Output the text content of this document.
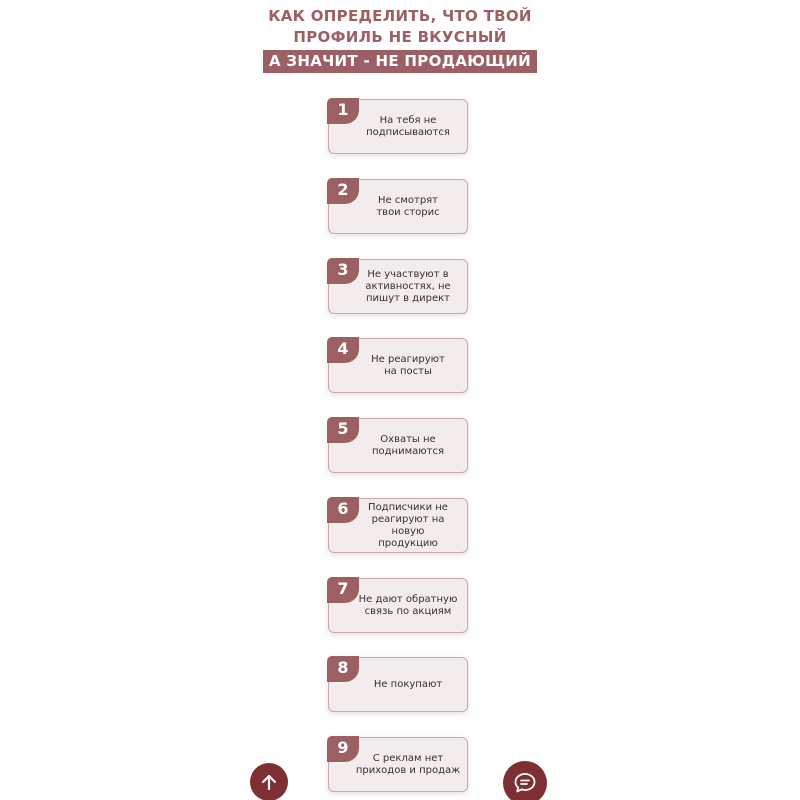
КАК ОПРЕДЕЛИТЬ, ЧТО ТВОЙ
ПРОФИЛЬ НЕ ВКУСНЫЙ
А ЗНАЧИТ - НЕ ПРОДАЮЩИЙ
1
На тебя не
подписываются
2
Не смотрят
твои сторис
3	Не участвуют в
активностях, не
пишут в директ
4
Не реагируют
на посты
5
Охваты не
поднимаются
6	Подписчики не
реагируют на новую
продукцию
7
Не дают обратную
связь по акциям
8
Не покупают
9
С реклам нет
приходов и продаж
